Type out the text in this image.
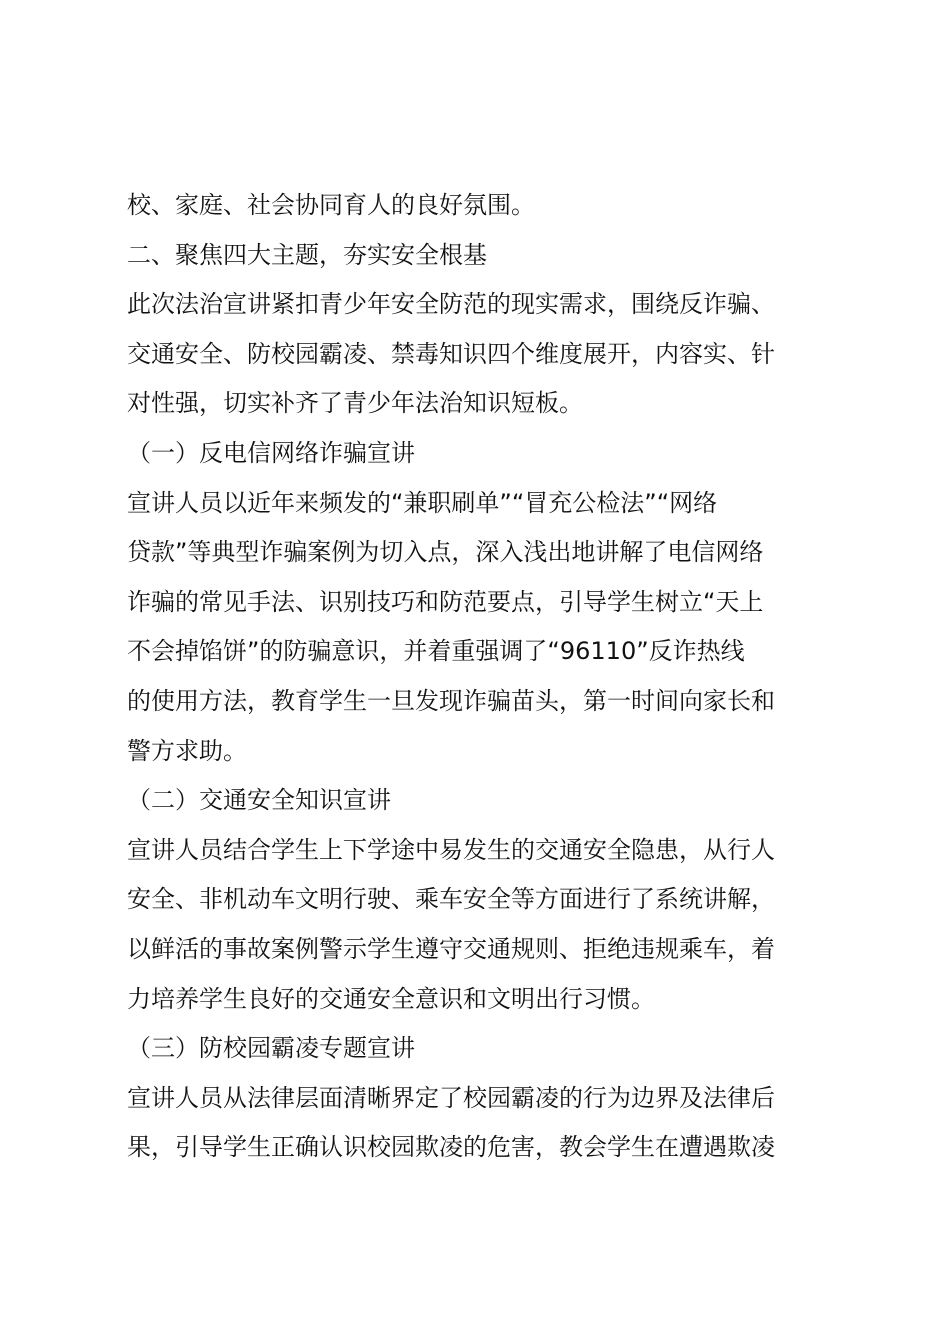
校、家庭、社会协同育人的良好氛围。
二、聚焦四大主题，夯实安全根基
此次法治宣讲紧扣青少年安全防范的现实需求，围绕反诈骗、
交通安全、防校园霸凌、禁毒知识四个维度展开，内容实、针
对性强，切实补齐了青少年法治知识短板。
（一）反电信网络诈骗宣讲
宣讲人员以近年来频发的“兼职刷单”“冒充公检法”“网络
贷款”等典型诈骗案例为切入点，深入浅出地讲解了电信网络
诈骗的常见手法、识别技巧和防范要点，引导学生树立“天上
不会掉馅饼”的防骗意识，并着重强调了“96110”反诈热线
的使用方法，教育学生一旦发现诈骗苗头，第一时间向家长和
警方求助。
（二）交通安全知识宣讲
宣讲人员结合学生上下学途中易发生的交通安全隐患，从行人
安全、非机动车文明行驶、乘车安全等方面进行了系统讲解，
以鲜活的事故案例警示学生遵守交通规则、拒绝违规乘车，着
力培养学生良好的交通安全意识和文明出行习惯。
（三）防校园霸凌专题宣讲
宣讲人员从法律层面清晰界定了校园霸凌的行为边界及法律后
果，引导学生正确认识校园欺凌的危害，教会学生在遭遇欺凌
